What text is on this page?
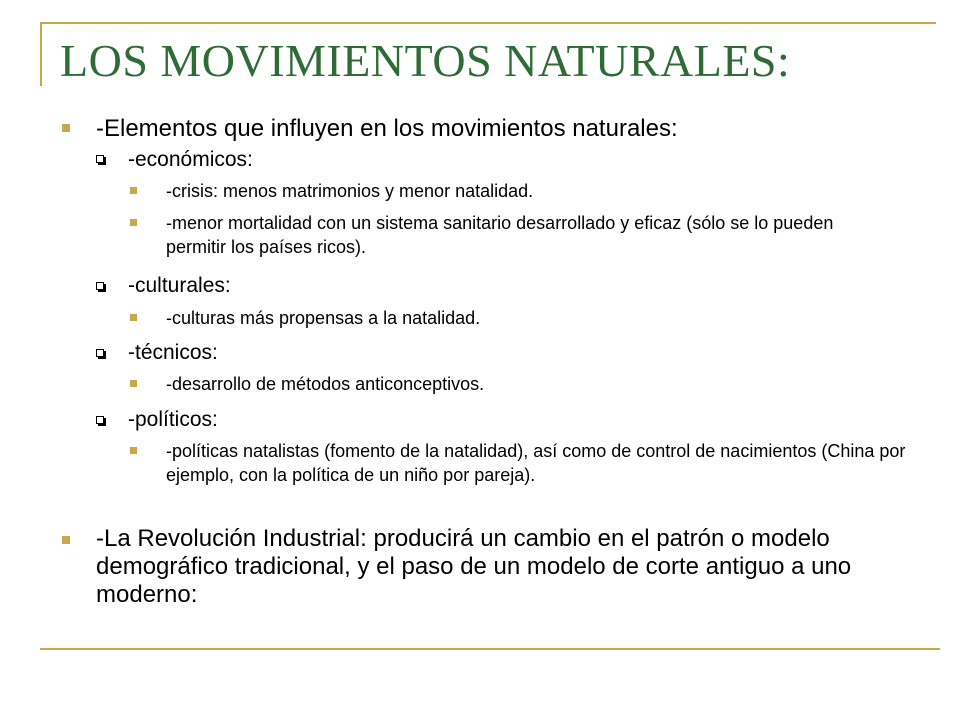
LOS MOVIMIENTOS NATURALES:
-Elementos que influyen en los movimientos naturales:
-económicos:
-crisis: menos matrimonios y menor natalidad.
-menor mortalidad con un sistema sanitario desarrollado y eficaz (sólo se lo pueden permitir los países ricos).
-culturales:
-culturas más propensas a la natalidad.
-técnicos:
-desarrollo de métodos anticonceptivos.
-políticos:
-políticas natalistas (fomento de la natalidad), así como de control de nacimientos (China por ejemplo, con la política de un niño por pareja).
-La Revolución Industrial: producirá un cambio en el patrón o modelo demográfico tradicional, y el paso de un modelo de corte antiguo a uno moderno:
